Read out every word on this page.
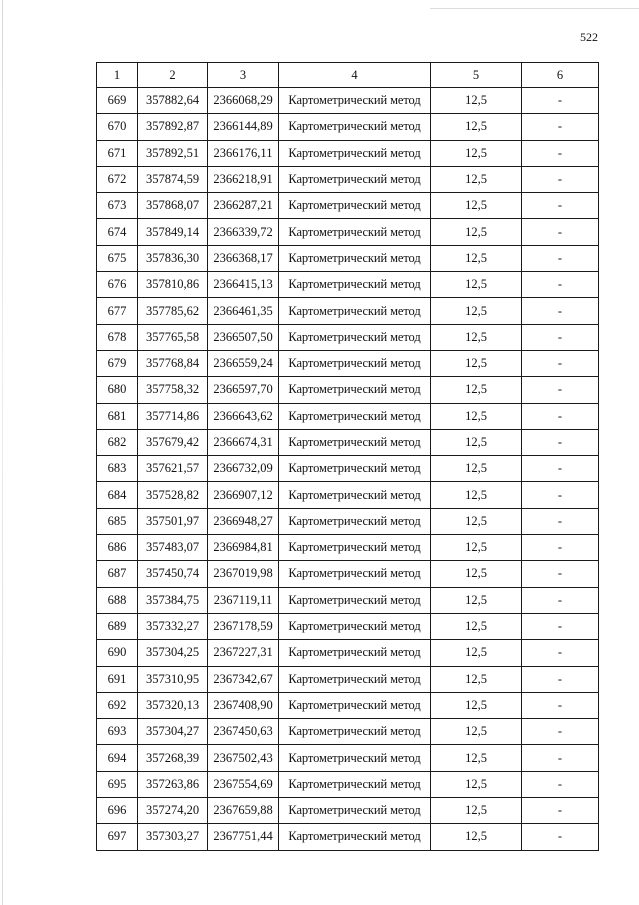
522
1	2	3	4	5	6
669	357882,64	2366068,29	Картометрический метод	12,5	-
670	357892,87	2366144,89	Картометрический метод	12,5	-
671	357892,51	2366176,11	Картометрический метод	12,5	-
672	357874,59	2366218,91	Картометрический метод	12,5	-
673	357868,07	2366287,21	Картометрический метод	12,5	-
674	357849,14	2366339,72	Картометрический метод	12,5	-
675	357836,30	2366368,17	Картометрический метод	12,5	-
676	357810,86	2366415,13	Картометрический метод	12,5	-
677	357785,62	2366461,35	Картометрический метод	12,5	-
678	357765,58	2366507,50	Картометрический метод	12,5	-
679	357768,84	2366559,24	Картометрический метод	12,5	-
680	357758,32	2366597,70	Картометрический метод	12,5	-
681	357714,86	2366643,62	Картометрический метод	12,5	-
682	357679,42	2366674,31	Картометрический метод	12,5	-
683	357621,57	2366732,09	Картометрический метод	12,5	-
684	357528,82	2366907,12	Картометрический метод	12,5	-
685	357501,97	2366948,27	Картометрический метод	12,5	-
686	357483,07	2366984,81	Картометрический метод	12,5	-
687	357450,74	2367019,98	Картометрический метод	12,5	-
688	357384,75	2367119,11	Картометрический метод	12,5	-
689	357332,27	2367178,59	Картометрический метод	12,5	-
690	357304,25	2367227,31	Картометрический метод	12,5	-
691	357310,95	2367342,67	Картометрический метод	12,5	-
692	357320,13	2367408,90	Картометрический метод	12,5	-
693	357304,27	2367450,63	Картометрический метод	12,5	-
694	357268,39	2367502,43	Картометрический метод	12,5	-
695	357263,86	2367554,69	Картометрический метод	12,5	-
696	357274,20	2367659,88	Картометрический метод	12,5	-
697	357303,27	2367751,44	Картометрический метод	12,5	-
